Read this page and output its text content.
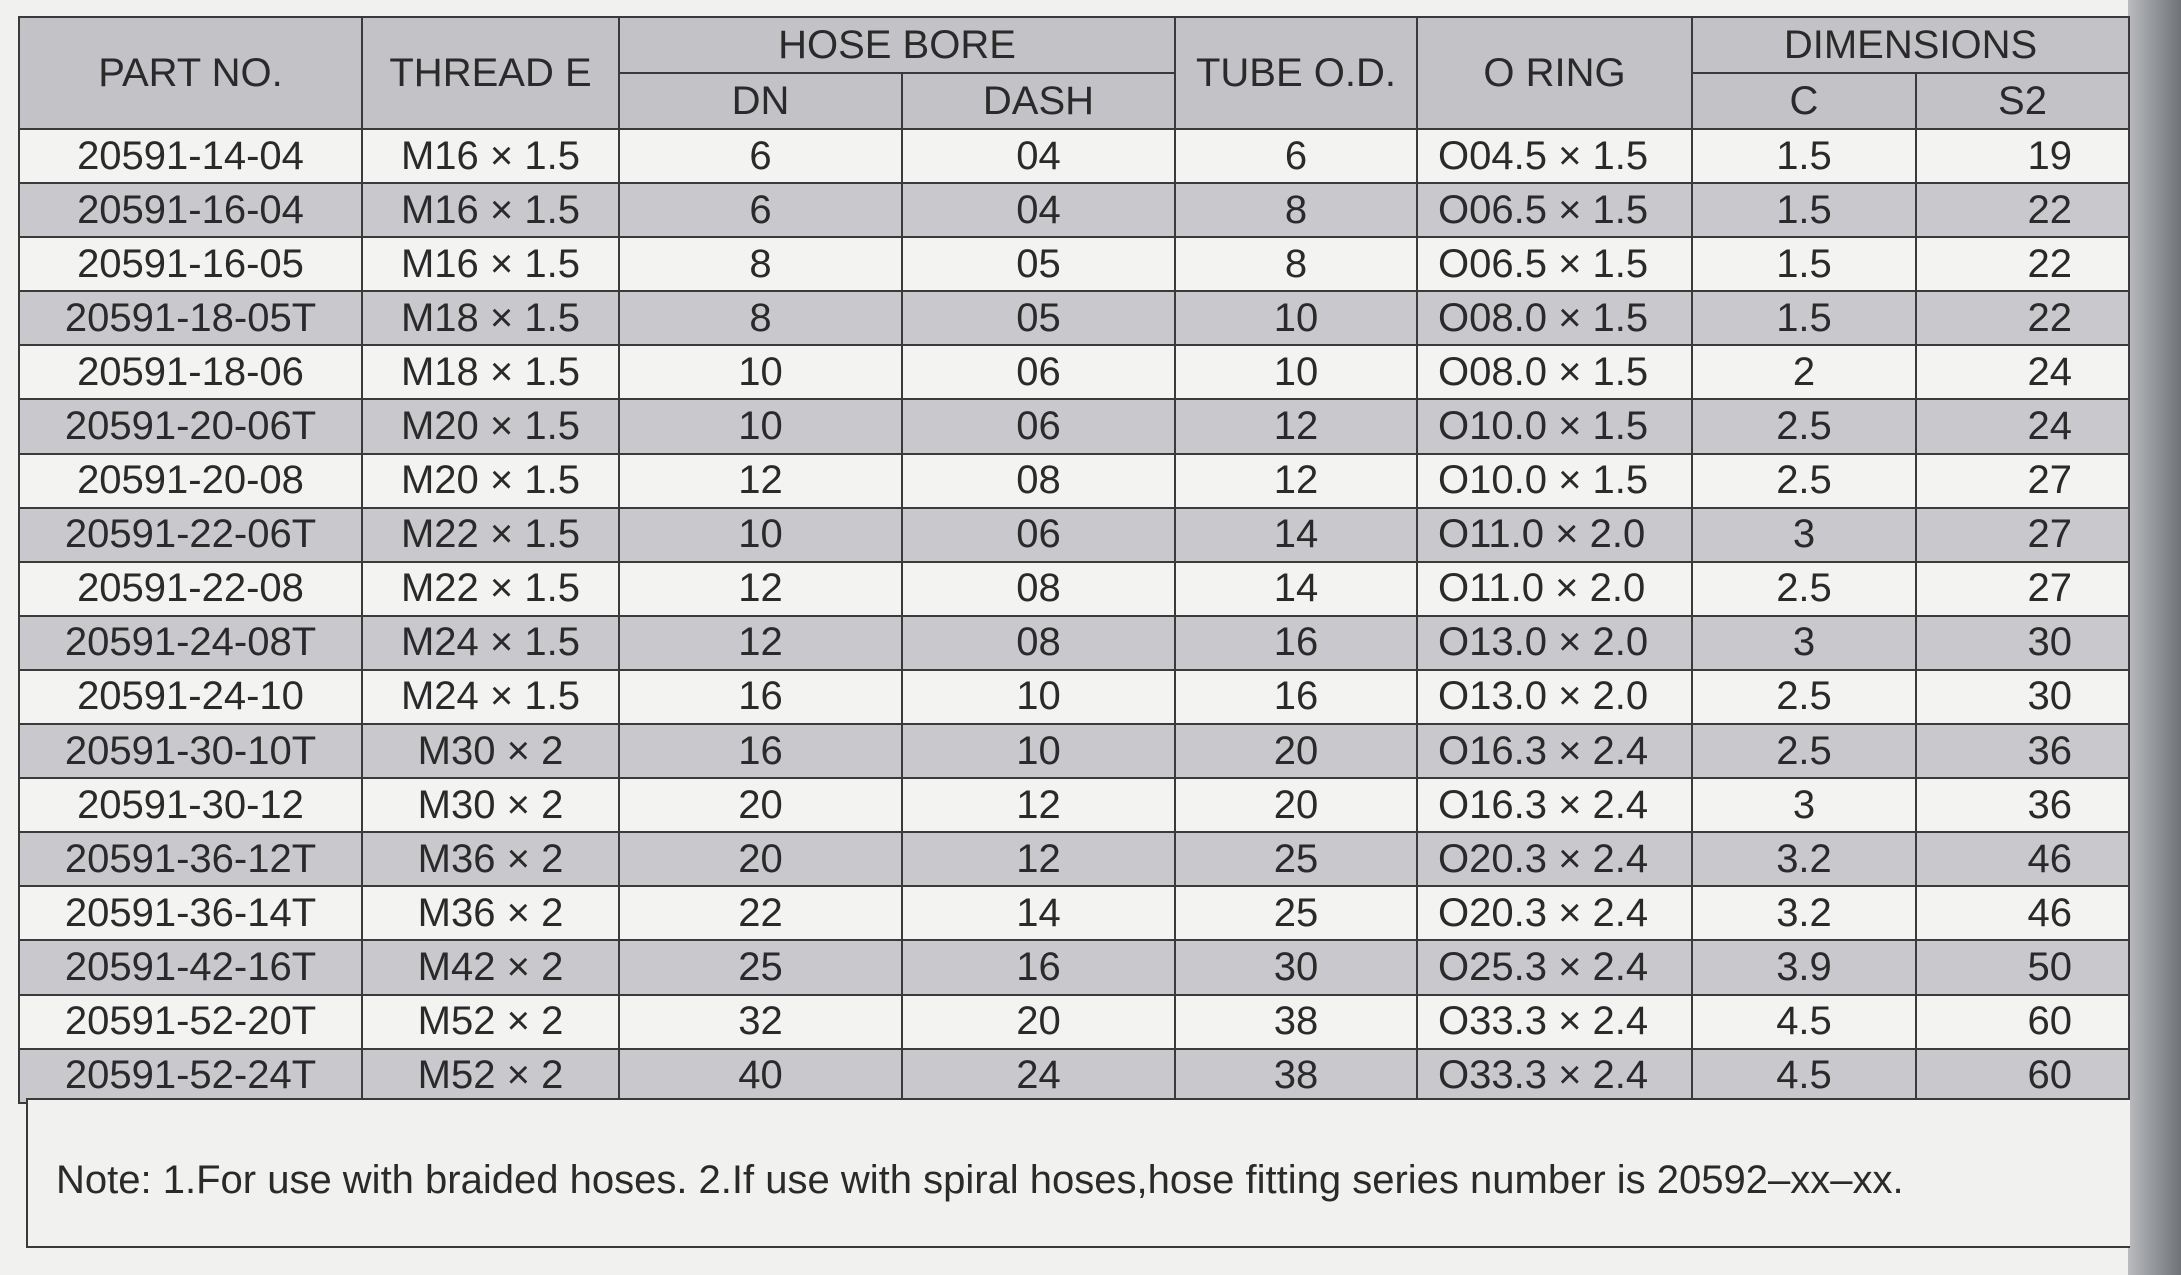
PART NO.	THREAD E	HOSE BORE		TUBE O.D.	O RING	DIMENSIONS	
		DN	DASH			C	S2
20591-14-04	M16 × 1.5	6	04	6	O04.5 × 1.5	1.5	19
20591-16-04	M16 × 1.5	6	04	8	O06.5 × 1.5	1.5	22
20591-16-05	M16 × 1.5	8	05	8	O06.5 × 1.5	1.5	22
20591-18-05T	M18 × 1.5	8	05	10	O08.0 × 1.5	1.5	22
20591-18-06	M18 × 1.5	10	06	10	O08.0 × 1.5	2	24
20591-20-06T	M20 × 1.5	10	06	12	O10.0 × 1.5	2.5	24
20591-20-08	M20 × 1.5	12	08	12	O10.0 × 1.5	2.5	27
20591-22-06T	M22 × 1.5	10	06	14	O11.0 × 2.0	3	27
20591-22-08	M22 × 1.5	12	08	14	O11.0 × 2.0	2.5	27
20591-24-08T	M24 × 1.5	12	08	16	O13.0 × 2.0	3	30
20591-24-10	M24 × 1.5	16	10	16	O13.0 × 2.0	2.5	30
20591-30-10T	M30 × 2	16	10	20	O16.3 × 2.4	2.5	36
20591-30-12	M30 × 2	20	12	20	O16.3 × 2.4	3	36
20591-36-12T	M36 × 2	20	12	25	O20.3 × 2.4	3.2	46
20591-36-14T	M36 × 2	22	14	25	O20.3 × 2.4	3.2	46
20591-42-16T	M42 × 2	25	16	30	O25.3 × 2.4	3.9	50
20591-52-20T	M52 × 2	32	20	38	O33.3 × 2.4	4.5	60
20591-52-24T	M52 × 2	40	24	38	O33.3 × 2.4	4.5	60
Note: 1.For use with braided hoses. 2.If use with spiral hoses,hose fitting series number is 20592–xx–xx.
